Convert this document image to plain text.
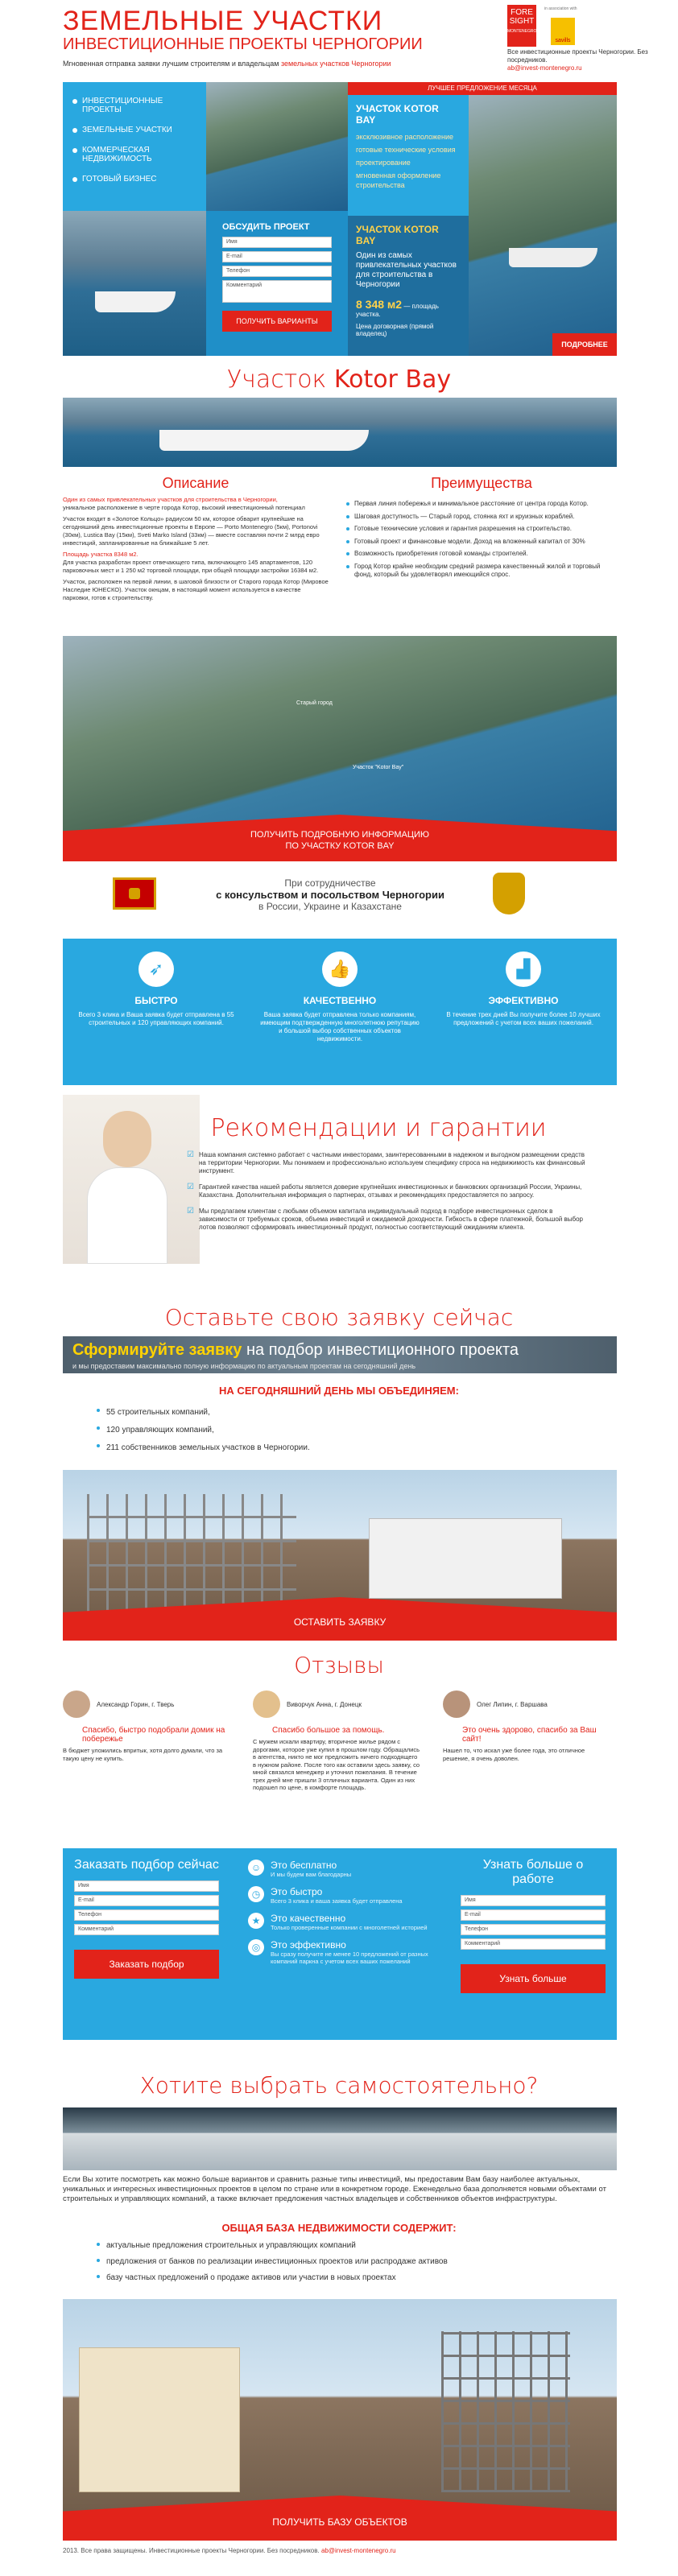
ЗЕМЕЛЬНЫЕ УЧАСТКИ
ИНВЕСТИЦИОННЫЕ ПРОЕКТЫ ЧЕРНОГОРИИ
Мгновенная отправка заявки лучшим строителям и владельцам земельных участков Черногории
FORE
SIGHT
MONTENEGRO
in association with
savills
Все инвестиционные проекты Черногории. Без посредников.
ab@invest-montenegro.ru
ИНВЕСТИЦИОННЫЕ ПРОЕКТЫ
ЗЕМЕЛЬНЫЕ УЧАСТКИ
КОММЕРЧЕСКАЯ НЕДВИЖИМОСТЬ
ГОТОВЫЙ БИЗНЕС
ОБСУДИТЬ ПРОЕКТ
Имя
E-mail
Телефон
Комментарий
ПОЛУЧИТЬ ВАРИАНТЫ
ЛУЧШЕЕ ПРЕДЛОЖЕНИЕ МЕСЯЦА
УЧАСТОК KOTOR BAY
эксклюзивное расположение
готовые технические условия
проектирование
мгновенная оформление строительства
УЧАСТОК KOTOR BAY
Один из самых привлекательных участков для строительства в Черногории
8 348 м2 — площадь участка.
Цена договорная (прямой владелец)
ПОДРОБНЕЕ
Участок Kotor Bay
Описание	Преимущества
Один из самых привлекательных участков для строительства в Черногории,
уникальное расположение в черте города Котор, высокий инвестиционный потенциал
Участок входит в «Золотое Кольцо» радиусом 50 км, которое обварит крупнейшие на сегодняшний день инвестиционные проекты в Европе — Porto Montenegro (5км), Portonovi (30км), Lustica Bay (15км), Sveti Marko Island (33км) — вместе составляя почти 2 млрд евро инвестиций, запланированные на ближайшие 5 лет.
Площадь участка 8348 м2.
Для участка разработан проект отвечающего типа, включающего 145 апартаментов, 120 парковочных мест и 1 250 м2 торговой площади, при общей площади застройки 16384 м2.
Участок, расположен на первой линии, в шаговой близости от Старого города Котор (Мировое Наследие ЮНЕСКО). Участок окнцам, в настоящий момент используется в качестве парковки, готов к строительству.
Первая линия побережья и минимальное расстояние от центра города Котор.
Шаговая доступность — Старый город, стоянка яхт и круизных кораблей.
Готовые технические условия и гарантия разрешения на строительство.
Готовый проект и финансовые модели. Доход на вложенный капитал от 30%
Возможность приобретения готовой команды строителей.
Город Котор крайне необходим средний размера качественный жилой и торговый фонд, который бы удовлетворял имеющийся спрос.
Старый город
Участок "Kotor Bay"
ПОЛУЧИТЬ ПОДРОБНУЮ ИНФОРМАЦИЮ
ПО УЧАСТКУ KOTOR BAY
При сотрудничестве
с консульством и посольством Черногории
в России, Украине и Казахстане
➶
БЫСТРО
Всего 3 клика и Ваша заявка будет отправлена в 55 строительных и 120 управляющих компаний.
👍
КАЧЕСТВЕННО
Ваша заявка будет отправлена только компаниям, имеющим подтвержденную многолетнюю репутацию и большой выбор собственных объектов недвижимости.
▟
ЭФФЕКТИВНО
В течение трех дней Вы получите более 10 лучших предложений с учетом всех ваших пожеланий.
Рекомендации и гарантии
☑ Наша компания системно работает с частными инвесторами, заинтересованными в надежном и выгодном размещении средств на территории Черногории. Мы понимаем и профессионально используем специфику спроса на недвижимость как финансовый инструмент.
☑ Гарантией качества нашей работы является доверие крупнейших инвестиционных и банковских организаций России, Украины, Казахстана. Дополнительная информация о партнерах, отзывах и рекомендациях предоставляется по запросу.
☑ Мы предлагаем клиентам с любыми объемом капитала индивидуальный подход в подборе инвестиционных сделок в зависимости от требуемых сроков, объема инвестиций и ожидаемой доходности. Гибкость в сфере платежной, большой выбор лотов позволяют сформировать инвестиционный продукт, полностью соответствующий ожиданиям клиента.
Оставьте свою заявку сейчас
Сформируйте заявку на подбор инвестиционного проекта
и мы предоставим максимально полную информацию по актуальным проектам на сегодняшний день
НА СЕГОДНЯШНИЙ ДЕНЬ МЫ ОБЪЕДИНЯЕМ:
55 строительных компаний,
120 управляющих компаний,
211 собственников земельных участков в Черногории.
ОСТАВИТЬ ЗАЯВКУ
Отзывы
Александр Горин, г. Тверь
Спасибо, быстро подобрали домик на побережье
В бюджет уложились впритык, хотя долго думали, что за такую цену не купить.
Виворчук Анна, г. Донецк
Спасибо большое за помощь.
С мужем искали квартиру, вторичное жилье рядом с дорогами, которое уже купил в прошлом году. Обращались в агентства, никто не мог предложить ничего подходящего в нужном районе. После того как оставили здесь заявку, со мной связался менеджер и уточнил пожелания. В течение трех дней мне пришли 3 отличных варианта. Один из них подошел по цене, в комфорте площадь.
Олег Липин, г. Варшава
Это очень здорово, спасибо за Ваш сайт!
Нашел то, что искал уже более года, это отличное решение, я очень доволен.
Заказать подбор сейчас
Имя
E-mail
Телефон
Комментарий
Заказать подбор
☺ Это бесплатно
И мы будем вам благодарны
◷	Это быстро
Всего 3 клика и ваша заявка будет отправлена
★	Это качественно
Только проверенные компании с многолетней историей
◎	Это эффективно
Вы сразу получите не менее 10 предложений от разных компаний паркна с учетом всех ваших пожеланий
Узнать больше о работе
Имя
E-mail
Телефон
Комментарий
Узнать больше
Хотите выбрать самостоятельно?
Если Вы хотите посмотреть как можно больше вариантов и сравнить разные типы инвестиций, мы предоставим Вам базу наиболее актуальных, уникальных и интересных инвестиционных проектов в целом по стране или в конкретном городе. Еженедельно база дополняется новыми объектами от строительных и управляющих компаний, а также включает предложения частных владельцев и собственников объектов инфраструктуры.
ОБЩАЯ БАЗА НЕДВИЖИМОСТИ СОДЕРЖИТ:
актуальные предложения строительных и управляющих компаний
предложения от банков по реализации инвестиционных проектов или распродаже активов
базу частных предложений о продаже активов или участии в новых проектах
ПОЛУЧИТЬ БАЗУ ОБЪЕКТОВ
2013. Все права защищены. Инвестиционные проекты Черногории. Без посредников. ab@invest-montenegro.ru
